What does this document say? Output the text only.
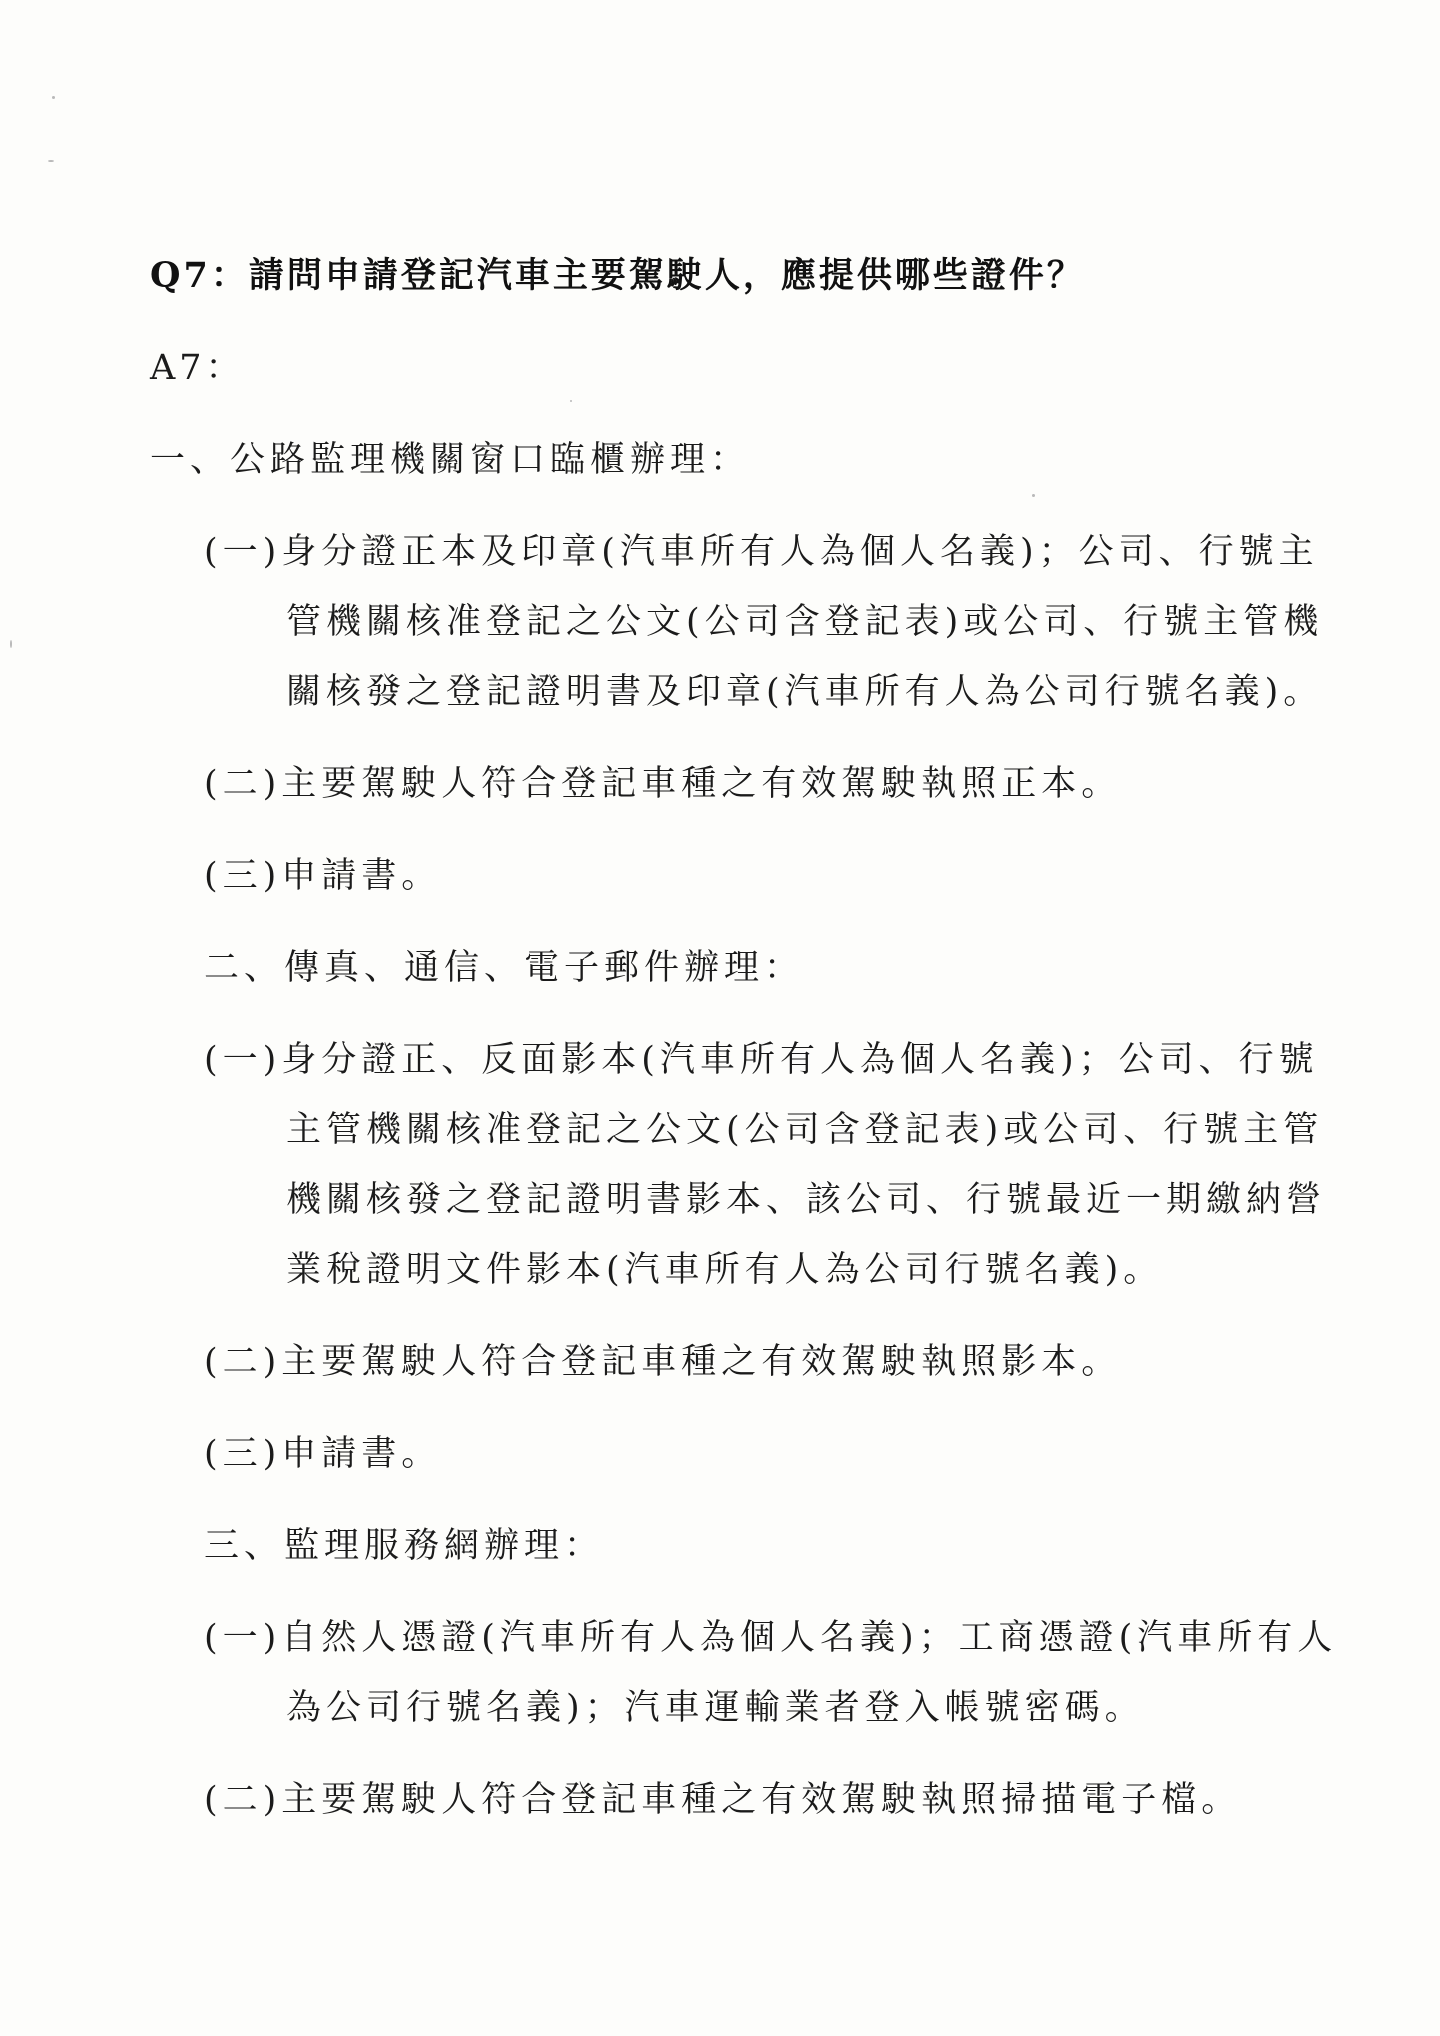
Q7：請問申請登記汽車主要駕駛人，應提供哪些證件？
A7：
一、公路監理機關窗口臨櫃辦理：
(一)身分證正本及印章(汽車所有人為個人名義)；公司、行號主
管機關核准登記之公文(公司含登記表)或公司、行號主管機
關核發之登記證明書及印章(汽車所有人為公司行號名義)。
(二)主要駕駛人符合登記車種之有效駕駛執照正本。
(三)申請書。
二、傳真、通信、電子郵件辦理：
(一)身分證正、反面影本(汽車所有人為個人名義)；公司、行號
主管機關核准登記之公文(公司含登記表)或公司、行號主管
機關核發之登記證明書影本、該公司、行號最近一期繳納營
業稅證明文件影本(汽車所有人為公司行號名義)。
(二)主要駕駛人符合登記車種之有效駕駛執照影本。
(三)申請書。
三、監理服務網辦理：
(一)自然人憑證(汽車所有人為個人名義)；工商憑證(汽車所有人
為公司行號名義)；汽車運輸業者登入帳號密碼。
(二)主要駕駛人符合登記車種之有效駕駛執照掃描電子檔。
